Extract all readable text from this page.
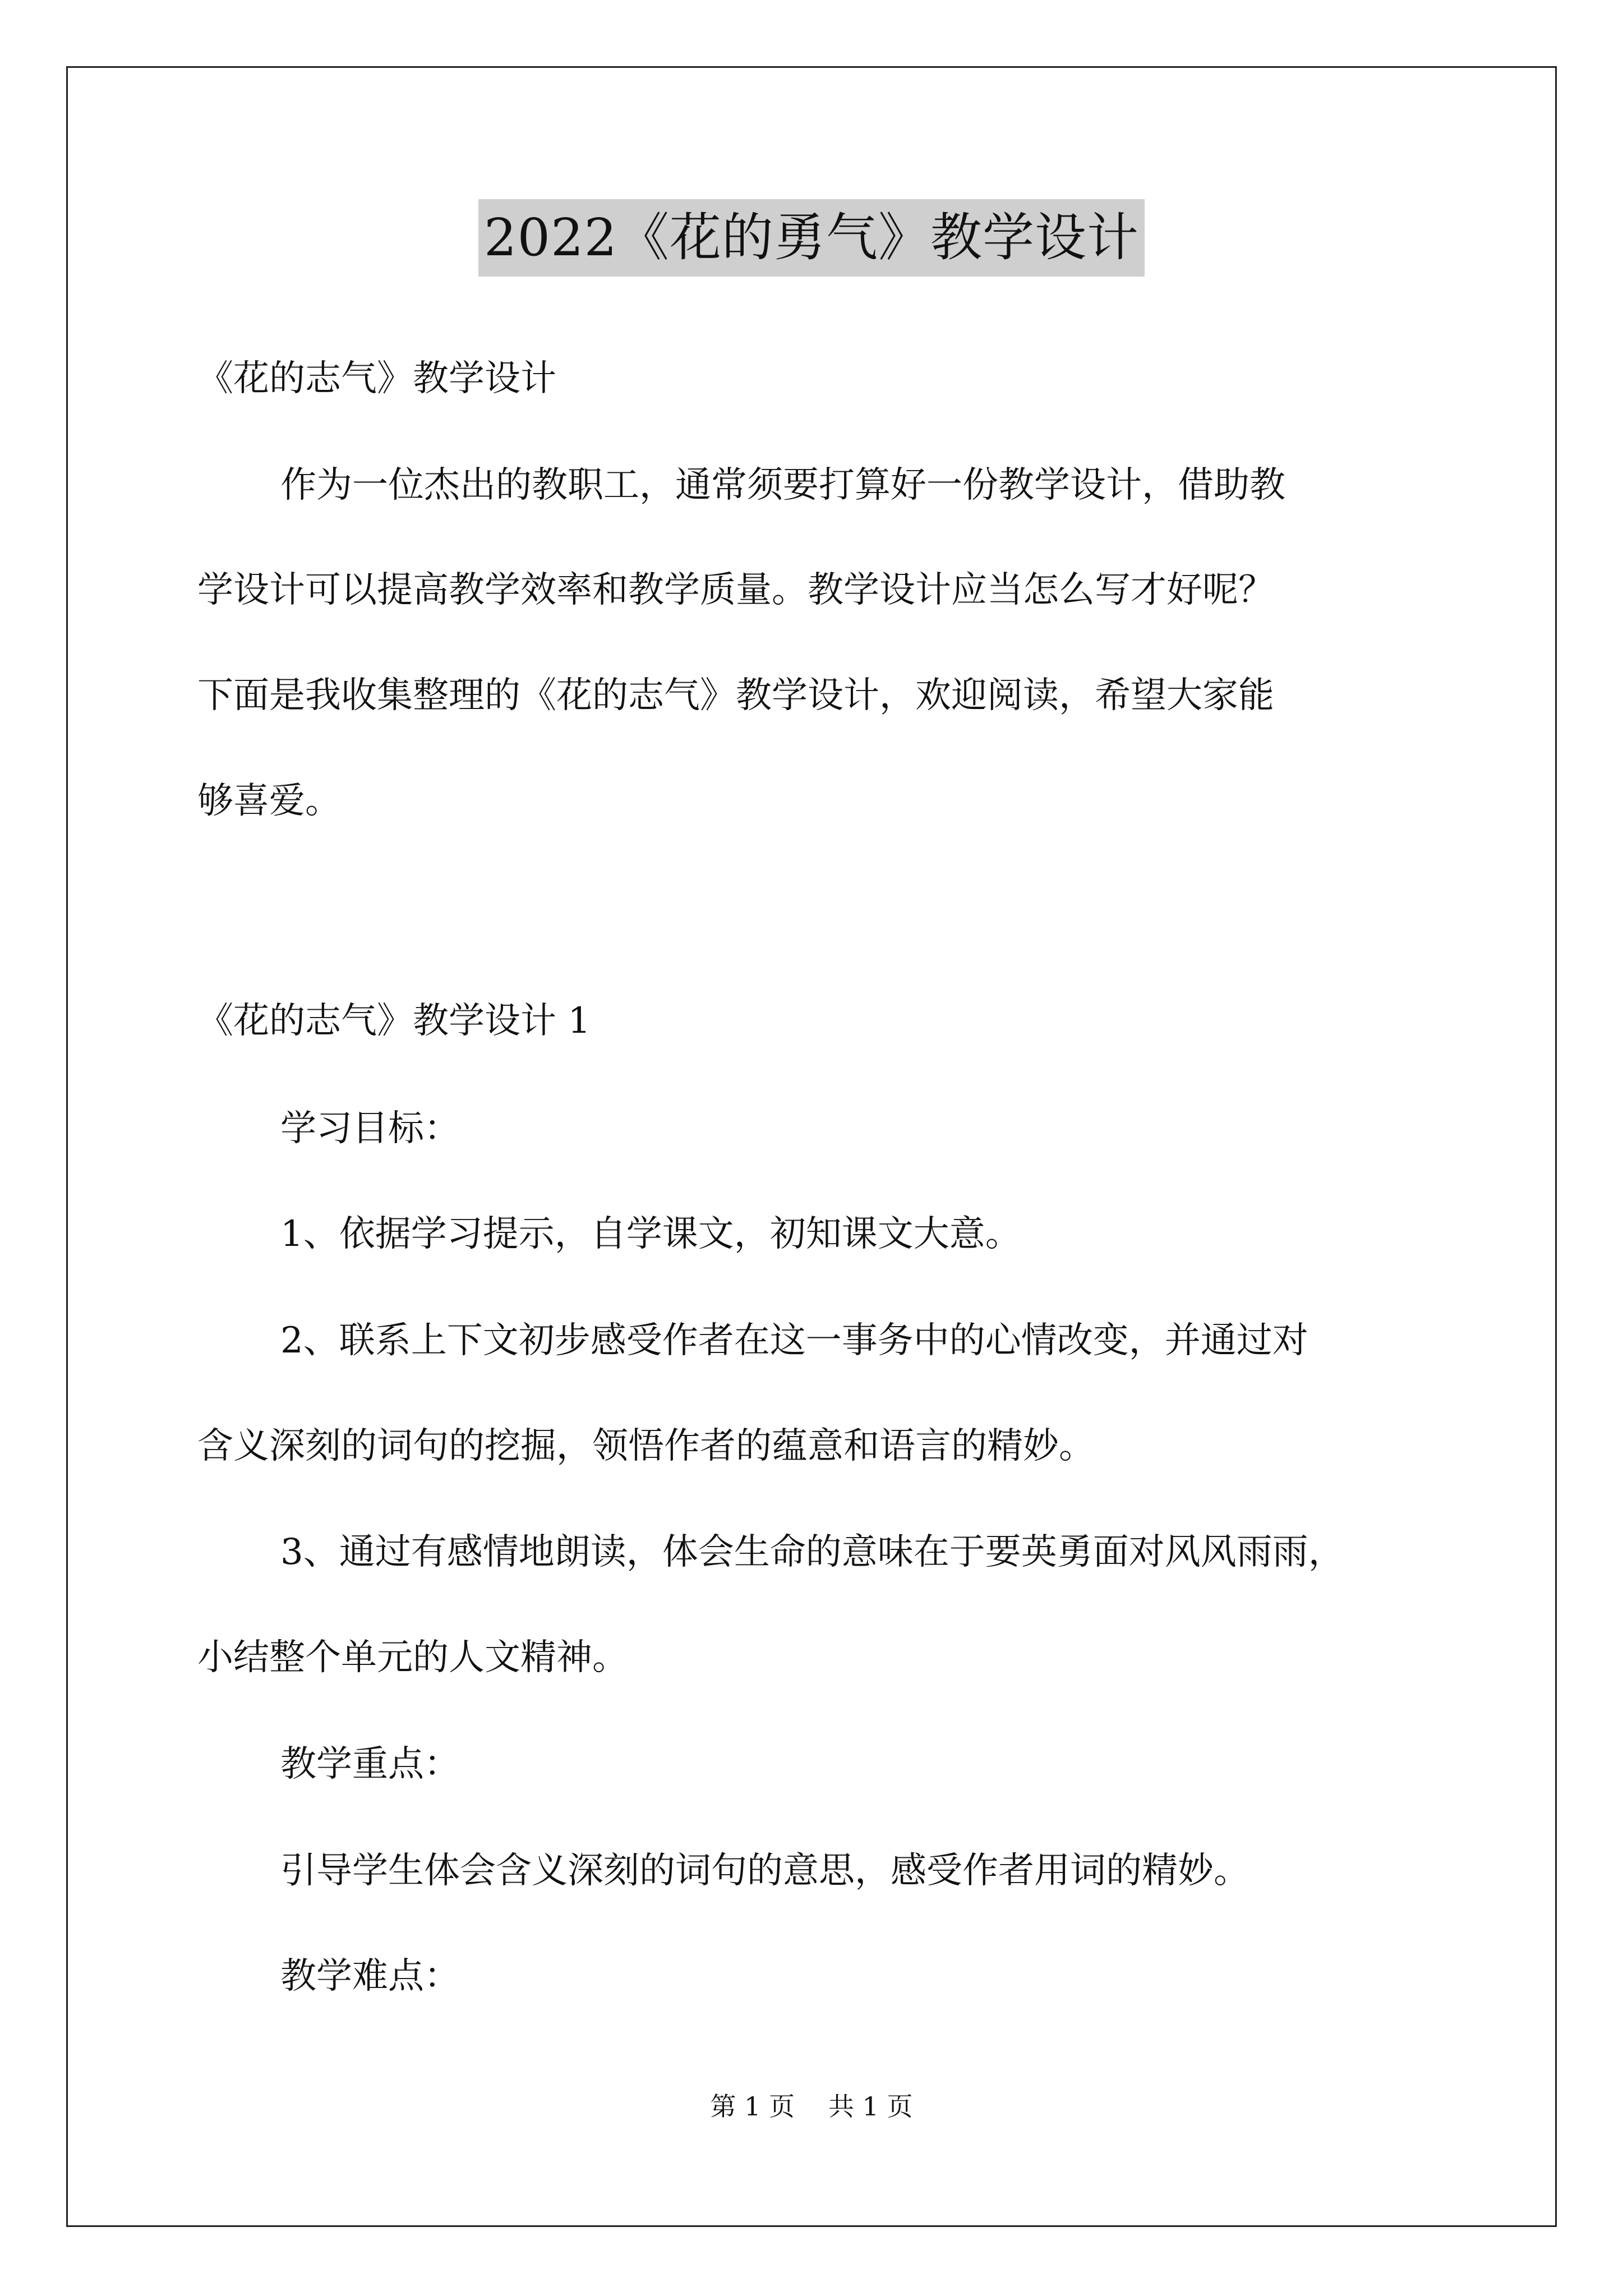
2022《花的勇气》教学设计
《花的志气》教学设计
作为一位杰出的教职工，通常须要打算好一份教学设计，借助教
学设计可以提高教学效率和教学质量。教学设计应当怎么写才好呢？
下面是我收集整理的《花的志气》教学设计，欢迎阅读，希望大家能
够喜爱。
《花的志气》教学设计 1
学习目标：
1、依据学习提示，自学课文，初知课文大意。
2、联系上下文初步感受作者在这一事务中的心情改变，并通过对
含义深刻的词句的挖掘，领悟作者的蕴意和语言的精妙。
3、通过有感情地朗读，体会生命的意味在于要英勇面对风风雨雨，
小结整个单元的人文精神。
教学重点：
引导学生体会含义深刻的词句的意思，感受作者用词的精妙。
教学难点：
第 1 页 共 1 页
